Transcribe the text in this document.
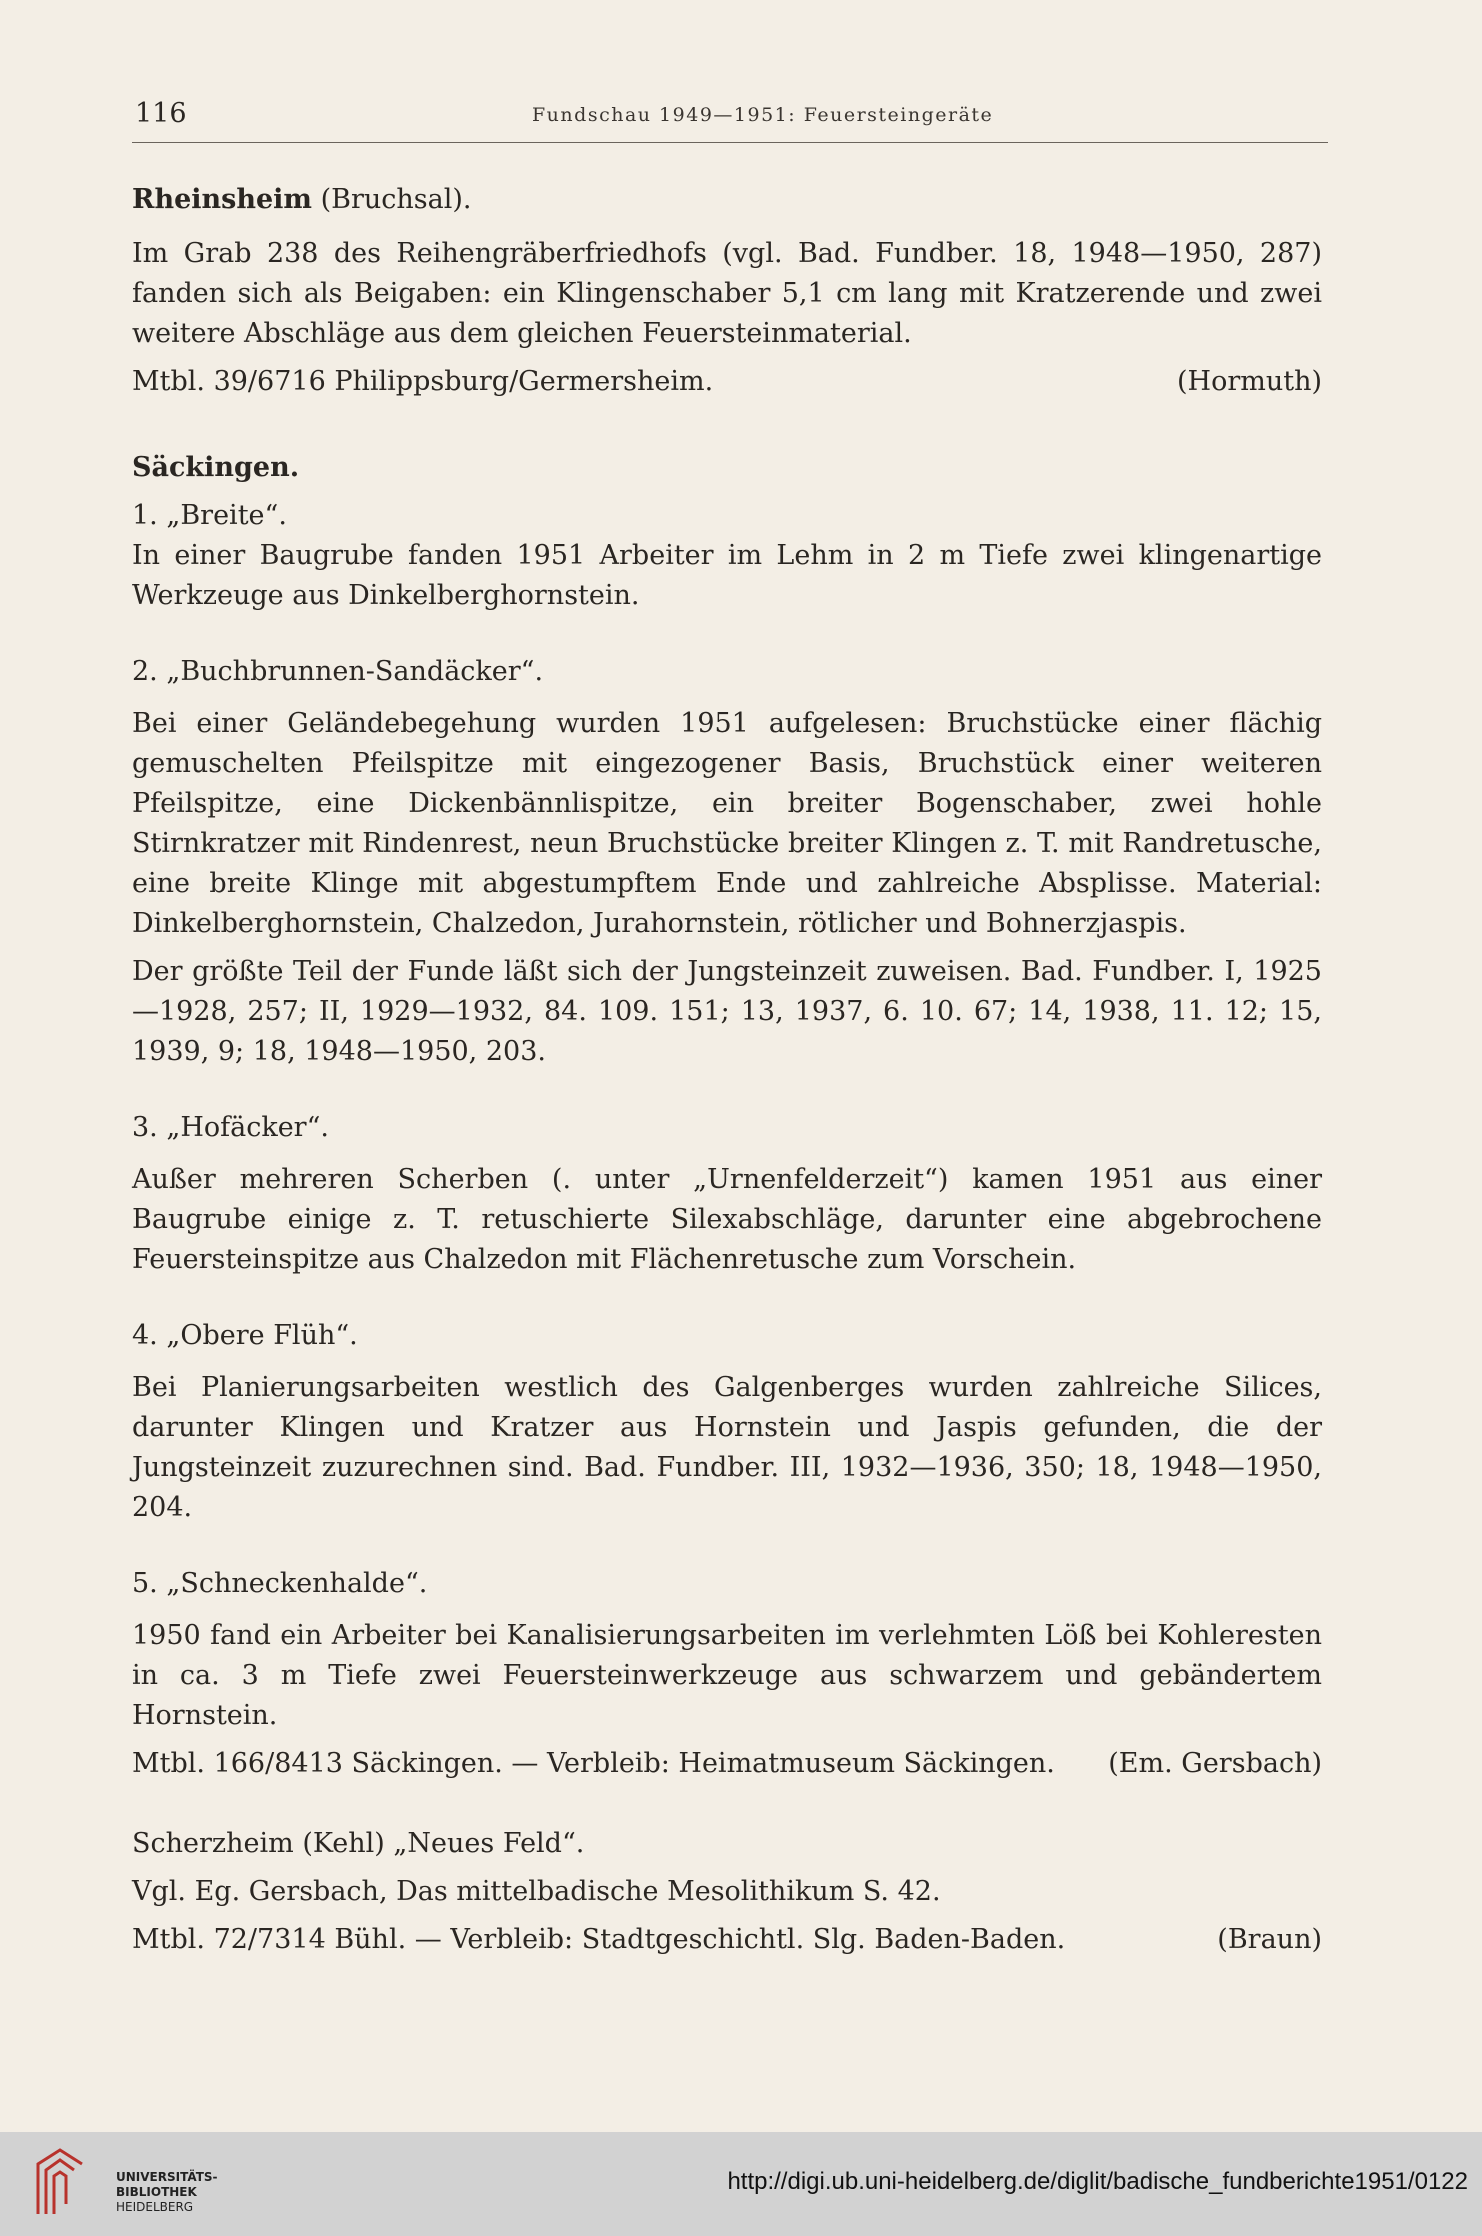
116	Fundschau 1949—1951: Feuersteingeräte

Rheinsheim (Bruchsal).

Im Grab 238 des Reihengräberfriedhofs (vgl. Bad. Fundber. 18, 1948—1950, 287) fanden sich als Beigaben: ein Klingenschaber 5,1 cm lang mit Kratzerende und zwei weitere Abschläge aus dem gleichen Feuersteinmaterial.

Mtbl. 39/6716 Philippsburg/Germersheim.	(Hormuth)

Säckingen.

1. „Breite“.

In einer Baugrube fanden 1951 Arbeiter im Lehm in 2 m Tiefe zwei klingenartige Werkzeuge aus Dinkelberghornstein.

2. „Buchbrunnen-Sandäcker“.

Bei einer Geländebegehung wurden 1951 aufgelesen: Bruchstücke einer flächig gemuschelten Pfeilspitze mit eingezogener Basis, Bruchstück einer weiteren Pfeilspitze, eine Dickenbännlispitze, ein breiter Bogenschaber, zwei hohle Stirnkratzer mit Rindenrest, neun Bruchstücke breiter Klingen z. T. mit Randretusche, eine breite Klinge mit abgestumpftem Ende und zahlreiche Absplisse. Material: Dinkelberghornstein, Chalzedon, Jurahornstein, rötlicher und Bohnerzjaspis.

Der größte Teil der Funde läßt sich der Jungsteinzeit zuweisen. Bad. Fundber. I, 1925—1928, 257; II, 1929—1932, 84. 109. 151; 13, 1937, 6. 10. 67; 14, 1938, 11. 12; 15, 1939, 9; 18, 1948—1950, 203.

3. „Hofäcker“.

Außer mehreren Scherben (. unter „Urnenfelderzeit“) kamen 1951 aus einer Baugrube einige z. T. retuschierte Silexabschläge, darunter eine abgebrochene Feuersteinspitze aus Chalzedon mit Flächenretusche zum Vorschein.

4. „Obere Flüh“.

Bei Planierungsarbeiten westlich des Galgenberges wurden zahlreiche Silices, darunter Klingen und Kratzer aus Hornstein und Jaspis gefunden, die der Jungsteinzeit zuzurechnen sind. Bad. Fundber. III, 1932—1936, 350; 18, 1948—1950, 204.

5. „Schneckenhalde“.

1950 fand ein Arbeiter bei Kanalisierungsarbeiten im verlehmten Löß bei Kohleresten in ca. 3 m Tiefe zwei Feuersteinwerkzeuge aus schwarzem und gebändertem Hornstein.

Mtbl. 166/8413 Säckingen. — Verbleib: Heimatmuseum Säckingen. (Em. Gersbach)

Scherzheim (Kehl) „Neues Feld“.

Vgl. Eg. Gersbach, Das mittelbadische Mesolithikum S. 42.

Mtbl. 72/7314 Bühl. — Verbleib: Stadtgeschichtl. Slg. Baden-Baden.	(Braun)
UNIVERSITÄTS-
BIBLIOTHEK
HEIDELBERG
http://digi.ub.uni-heidelberg.de/diglit/badische_fundberichte1951/0122
